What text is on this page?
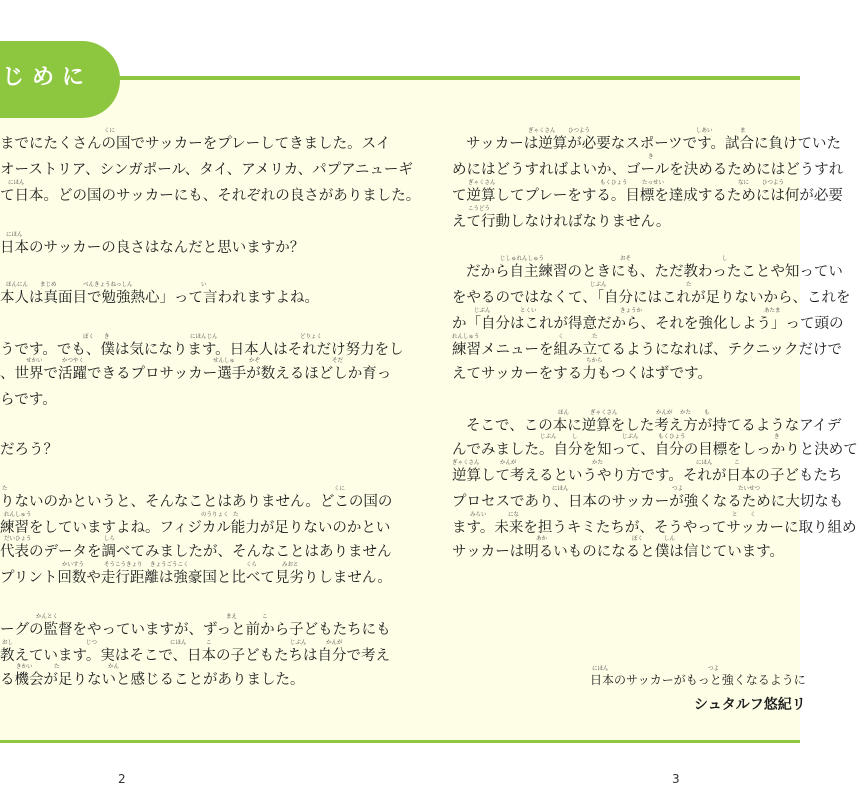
じめに
までにたくさんの国でサッカーをプレーしてきました。スイ
オーストリア、シンガポール、タイ、アメリカ、パプアニューギ
て日本。どの国のサッカーにも、それぞれの良さがありました。
日本のサッカーの良さはなんだと思いますか？
本人は真面目で勉強熱心」って言われますよね。
うです。でも、僕は気になります。日本人はそれだけ努力をし
、世界で活躍できるプロサッカー選手が数えるほどしか育っ
らです。
だろう？
りないのかというと、そんなことはありません。どこの国の
練習をしていますよね。フィジカル能力が足りないのかとい
代表のデータを調べてみましたが、そんなことはありません
プリント回数や走行距離は強豪国と比べて見劣りしません。
ーグの監督をやっていますが、ずっと前から子どもたちにも
教えています。実はそこで、日本の子どもたちは自分で考え
る機会が足りないと感じることがありました。
くに
にほん
にほん
ほんにん まじめ	べんきょうねっしん	い
ぼく き	にほんじん	どりょく
せかい	かつやく	せんしゅ	かぞ	そだ
た	くに
れんしゅう	のうりょく た
だいひょう	しら
かいすう	そうこうきょり きょうごうこく	くら	みおと
かんとく	まえ	こ
おし	じつ	にほん	こ	じぶん	かんが
きかい	た	かん
サッカーは逆算が必要なスポーツです。試合に負けていた
めにはどうすればよいか、ゴールを決めるためにはどうすれ
て逆算してプレーをする。目標を達成するためには何が必要
えて行動しなければなりません。
だから自主練習のときにも、ただ教わったことや知ってい
をやるのではなくて、「自分にはこれが足りないから、これを
か「自分はこれが得意だから、それを強化しよう」って頭の
練習メニューを組み立てるようになれば、テクニックだけで
えてサッカーをする力もつくはずです。
そこで、この本に逆算をした考え方が持てるようなアイデ
んでみました。自分を知って、自分の目標をしっかりと決めて
逆算して考えるというやり方です。それが日本の子どもたち
プロセスであり、日本のサッカーが強くなるために大切なも
ます。未来を担うキミたちが、そうやってサッカーに取り組め
サッカーは明るいものになると僕は信じています。
ぎゃくさん ひつよう	しあい	ま
き
ぎゃくさん	もくひょう	たっせい	なに ひつよう
こうどう
じしゅれんしゅう	おそ	し
じぶん	た
じぶん	とくい	きょうか	あたま
れんしゅう	く	た
ちから
ほん	ぎゃくさん	かんが かた も
じぶん	し	じぶん	もくひょう	き
ぎゃくさん	かんが	かた	にほん	こ
にほん	つよ	たいせつ
みらい	にな	と く
あか	ぼく	しん
にほん	つよ
日本のサッカーがもっと強くなるように
シュタルフ悠紀リ
2	3
